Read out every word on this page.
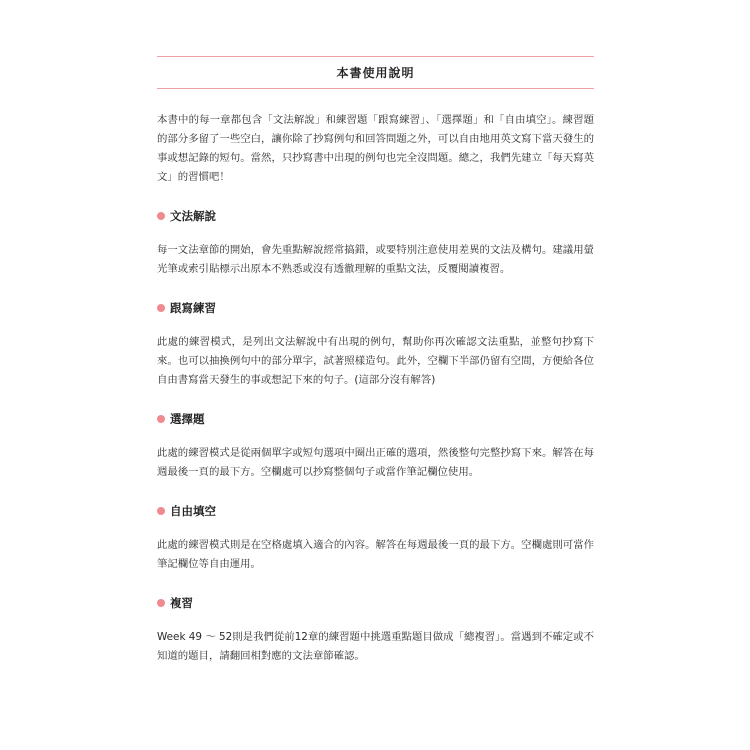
本書使用說明

本書中的每一章都包含「文法解說」和練習題「跟寫練習」、「選擇題」和「自由填空」。練習題的部分多留了一些空白，讓你除了抄寫例句和回答問題之外，可以自由地用英文寫下當天發生的事或想記錄的短句。當然，只抄寫書中出現的例句也完全沒問題。總之，我們先建立「每天寫英文」的習慣吧！

文法解說

每一文法章節的開始，會先重點解說經常搞錯，或要特別注意使用差異的文法及構句。建議用螢光筆或索引貼標示出原本不熟悉或沒有透徹理解的重點文法，反覆閱讀複習。

跟寫練習

此處的練習模式，是列出文法解說中有出現的例句，幫助你再次確認文法重點，並整句抄寫下來。也可以抽換例句中的部分單字，試著照樣造句。此外，空欄下半部仍留有空間，方便給各位自由書寫當天發生的事或想記下來的句子。(這部分沒有解答)

選擇題

此處的練習模式是從兩個單字或短句選項中圈出正確的選項，然後整句完整抄寫下來。解答在每週最後一頁的最下方。空欄處可以抄寫整個句子或當作筆記欄位使用。

自由填空

此處的練習模式則是在空格處填入適合的內容。解答在每週最後一頁的最下方。空欄處則可當作筆記欄位等自由運用。

複習

Week 49 ～ 52則是我們從前12章的練習題中挑選重點題目做成「總複習」。當遇到不確定或不知道的題目，請翻回相對應的文法章節確認。
